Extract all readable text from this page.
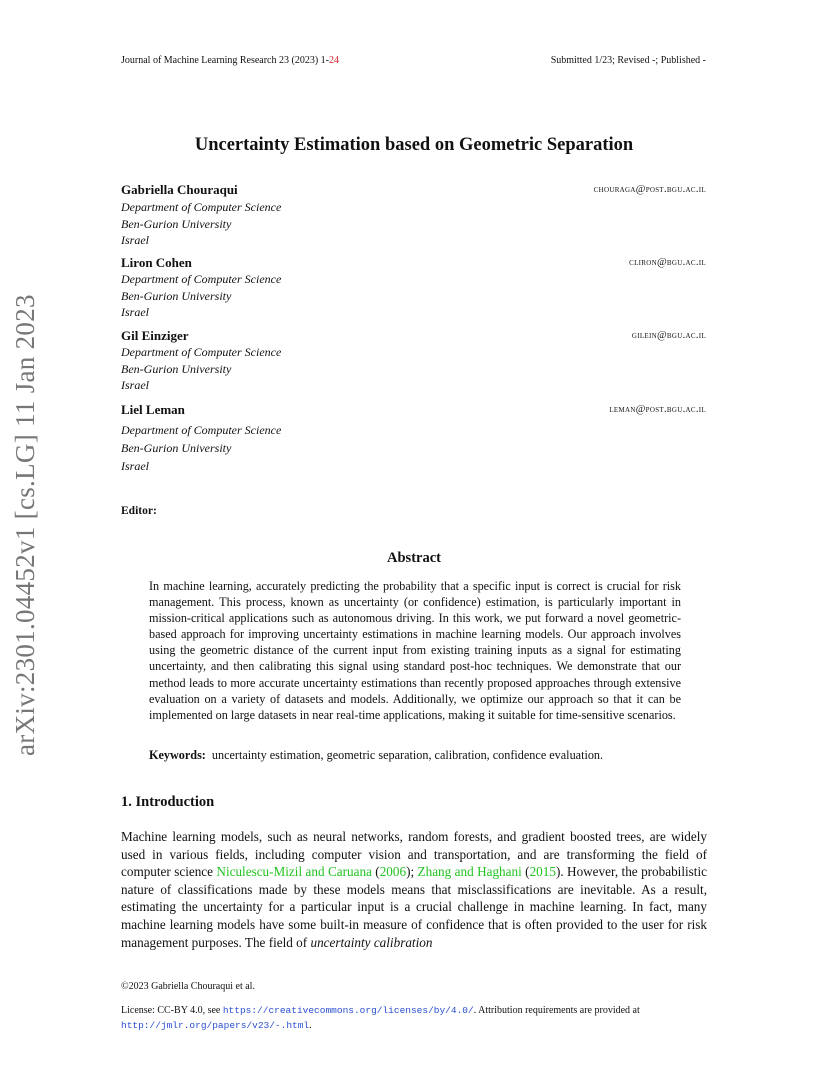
Journal of Machine Learning Research 23 (2023) 1-24	Submitted 1/23; Revised -; Published -
Uncertainty Estimation based on Geometric Separation
Gabriella Chouraqui	chouraga@post.bgu.ac.il
Department of Computer Science
Ben-Gurion University
Israel
Liron Cohen	cliron@bgu.ac.il
Department of Computer Science
Ben-Gurion University
Israel
Gil Einziger	gilein@bgu.ac.il
Department of Computer Science
Ben-Gurion University
Israel
Liel Leman	leman@post.bgu.ac.il
Department of Computer Science
Ben-Gurion University
Israel
Editor:
Abstract
In machine learning, accurately predicting the probability that a specific input is correct is crucial for risk management. This process, known as uncertainty (or confidence) estimation, is particularly important in mission-critical applications such as autonomous driving. In this work, we put forward a novel geometric-based approach for improving uncertainty estimations in machine learning models. Our approach involves using the geometric distance of the current input from existing training inputs as a signal for estimating uncertainty, and then calibrating this signal using standard post-hoc techniques. We demonstrate that our method leads to more accurate uncertainty estimations than recently proposed approaches through extensive evaluation on a variety of datasets and models. Additionally, we optimize our approach so that it can be implemented on large datasets in near real-time applications, making it suitable for time-sensitive scenarios.
Keywords: uncertainty estimation, geometric separation, calibration, confidence evaluation.
1. Introduction
Machine learning models, such as neural networks, random forests, and gradient boosted trees, are widely used in various fields, including computer vision and transportation, and are transforming the field of computer science Niculescu-Mizil and Caruana (2006); Zhang and Haghani (2015). However, the probabilistic nature of classifications made by these models means that misclassifications are inevitable. As a result, estimating the uncertainty for a particular input is a crucial challenge in machine learning. In fact, many machine learning models have some built-in measure of confidence that is often provided to the user for risk management purposes. The field of uncertainty calibration
arXiv:2301.04452v1 [cs.LG] 11 Jan 2023
©2023 Gabriella Chouraqui et al.
License: CC-BY 4.0, see https://creativecommons.org/licenses/by/4.0/. Attribution requirements are provided at
http://jmlr.org/papers/v23/-.html.
